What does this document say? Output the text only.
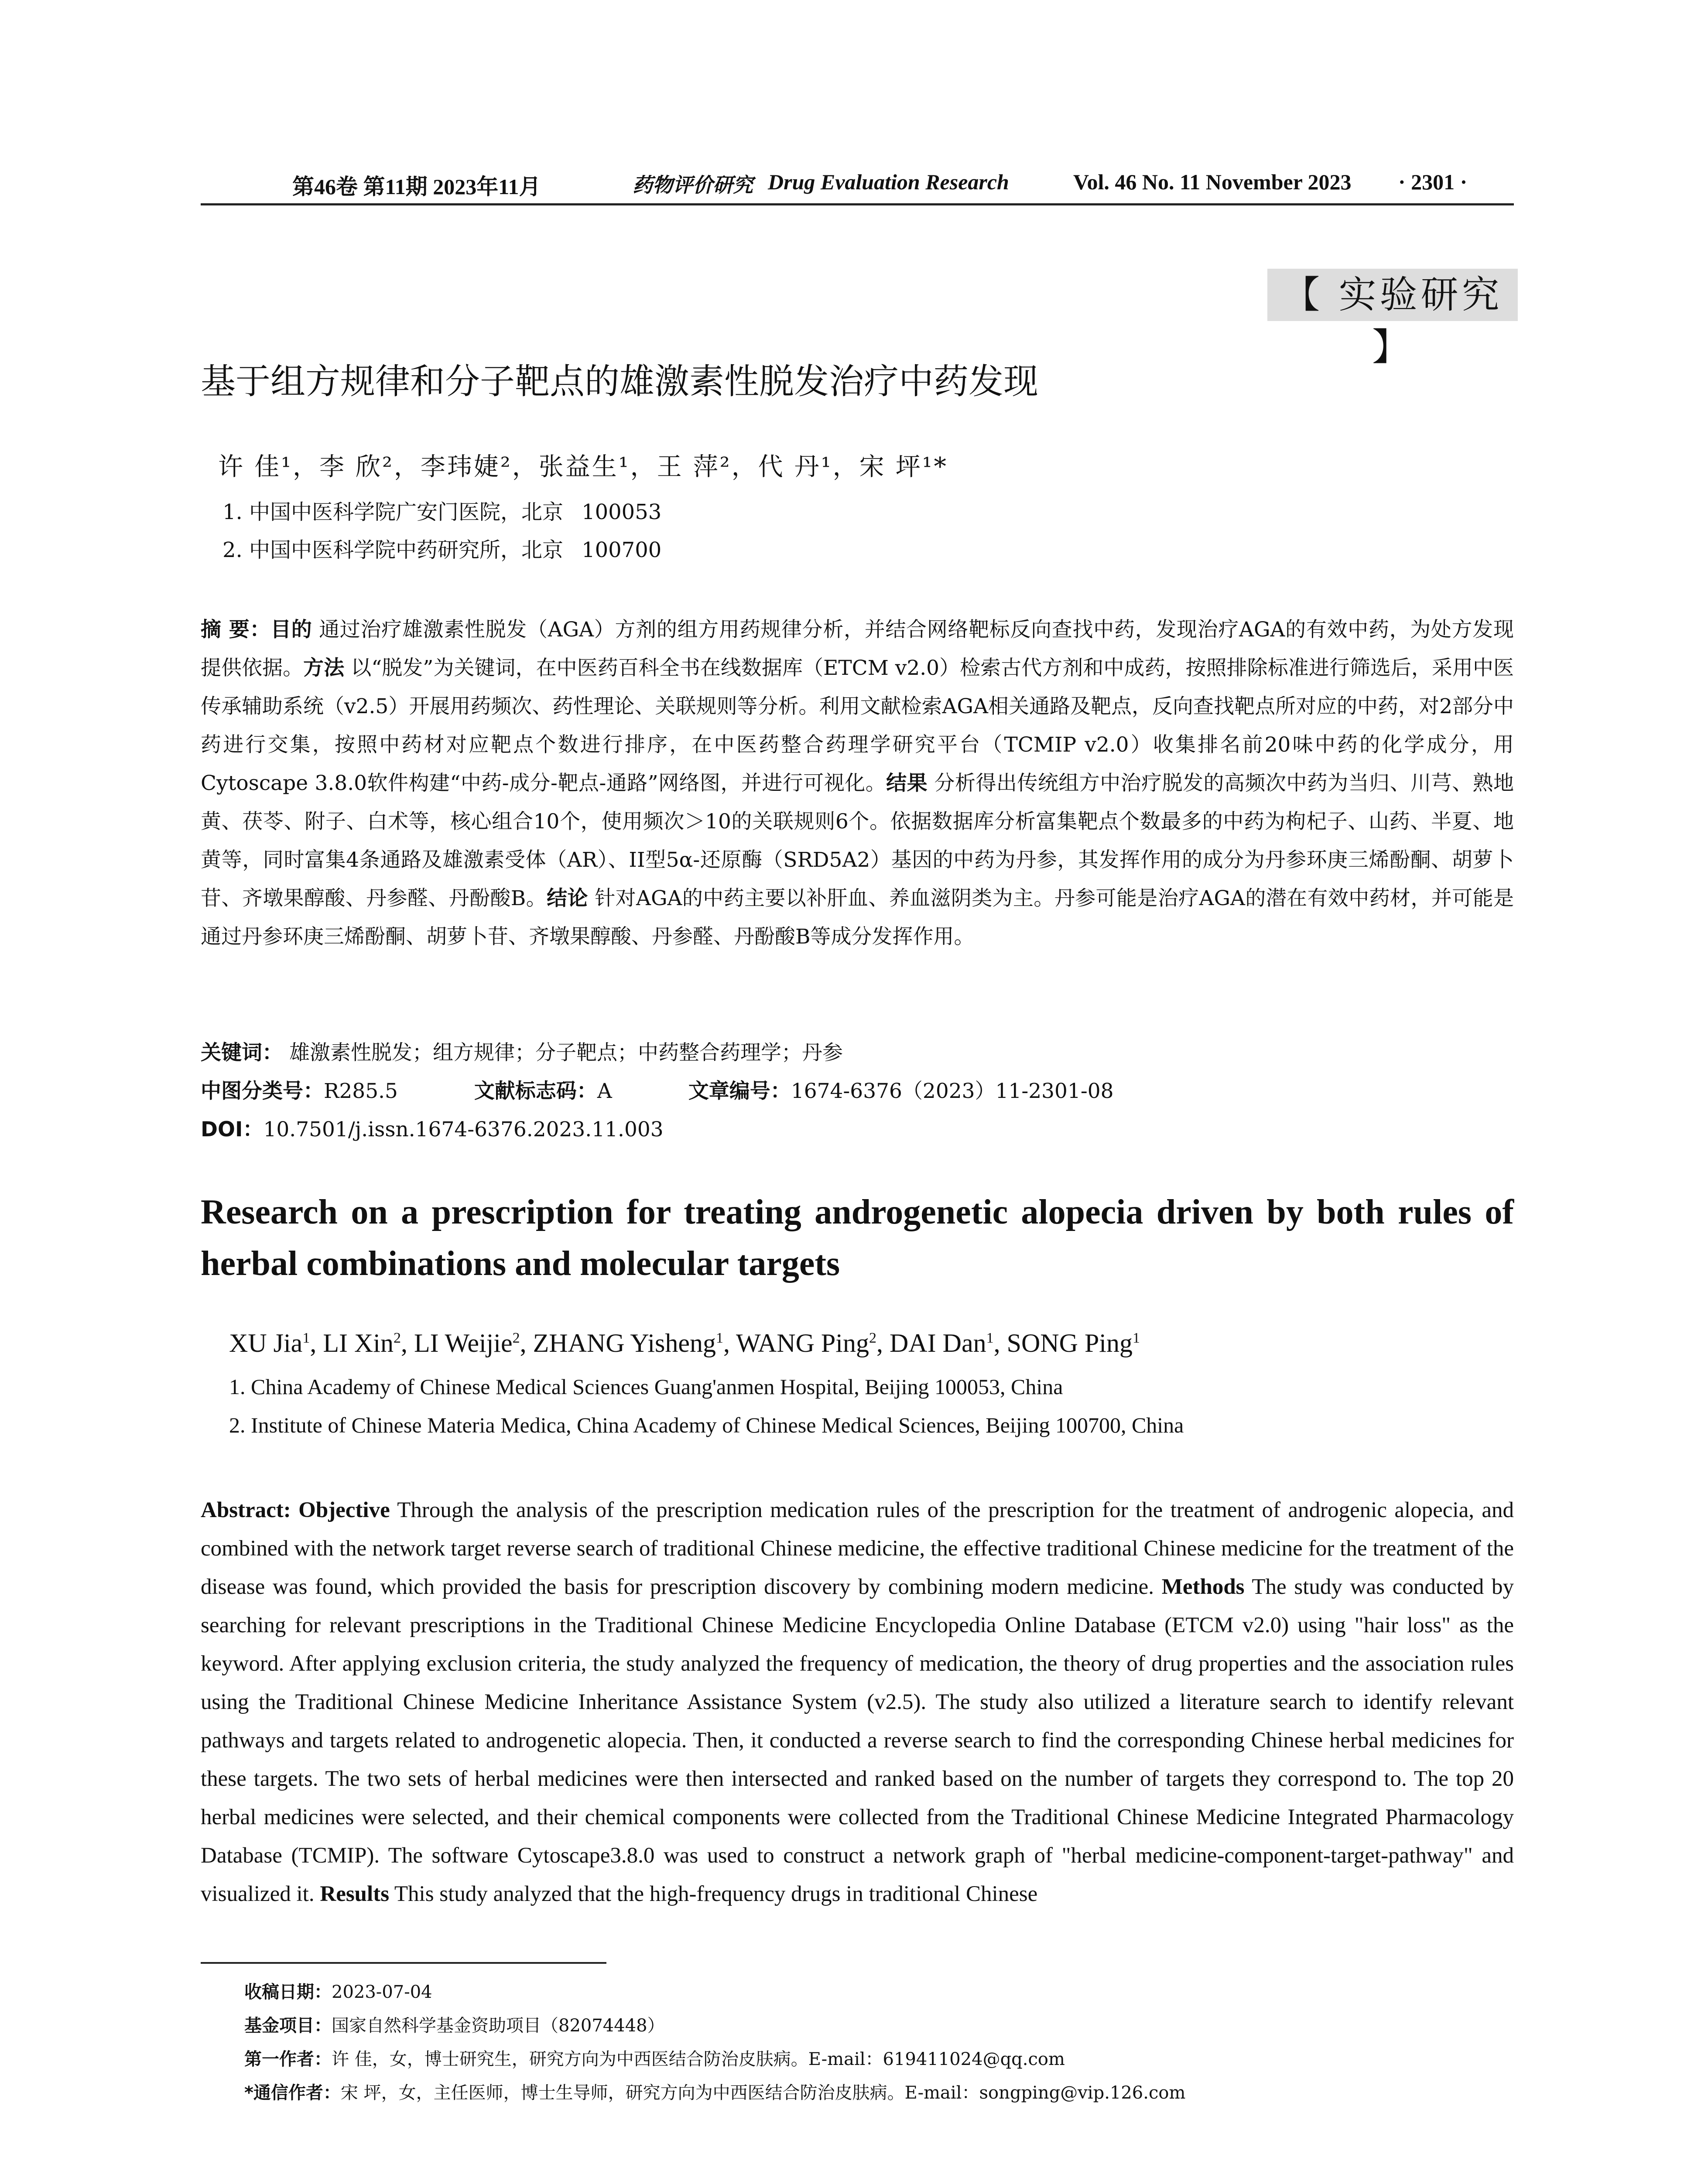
第46卷 第11期 2023年11月	药物评价研究 Drug Evaluation Research	Vol. 46 No. 11 November 2023 · 2301 ·
【 实验研究 】
基于组方规律和分子靶点的雄激素性脱发治疗中药发现
许 佳¹，李 欣²，李玮婕²，张益生¹，王 萍²，代 丹¹，宋 坪¹*
1. 中国中医科学院广安门医院，北京 100053
2. 中国中医科学院中药研究所，北京 100700
摘 要：目的 通过治疗雄激素性脱发（AGA）方剂的组方用药规律分析，并结合网络靶标反向查找中药，发现治疗AGA的有效中药，为处方发现提供依据。方法 以“脱发”为关键词，在中医药百科全书在线数据库（ETCM v2.0）检索古代方剂和中成药，按照排除标准进行筛选后，采用中医传承辅助系统（v2.5）开展用药频次、药性理论、关联规则等分析。利用文献检索AGA相关通路及靶点，反向查找靶点所对应的中药，对2部分中药进行交集，按照中药材对应靶点个数进行排序，在中医药整合药理学研究平台（TCMIP v2.0）收集排名前20味中药的化学成分，用Cytoscape 3.8.0软件构建“中药-成分-靶点-通路”网络图，并进行可视化。结果 分析得出传统组方中治疗脱发的高频次中药为当归、川芎、熟地黄、茯苓、附子、白术等，核心组合10个，使用频次＞10的关联规则6个。依据数据库分析富集靶点个数最多的中药为枸杞子、山药、半夏、地黄等，同时富集4条通路及雄激素受体（AR）、II型5α-还原酶（SRD5A2）基因的中药为丹参，其发挥作用的成分为丹参环庚三烯酚酮、胡萝卜苷、齐墩果醇酸、丹参醛、丹酚酸B。结论 针对AGA的中药主要以补肝血、养血滋阴类为主。丹参可能是治疗AGA的潜在有效中药材，并可能是通过丹参环庚三烯酚酮、胡萝卜苷、齐墩果醇酸、丹参醛、丹酚酸B等成分发挥作用。
关键词： 雄激素性脱发；组方规律；分子靶点；中药整合药理学；丹参
中图分类号：R285.5	文献标志码：A	文章编号：1674-6376（2023）11-2301-08
DOI：10.7501/j.issn.1674-6376.2023.11.003
Research on a prescription for treating androgenetic alopecia driven by both rules of herbal combinations and molecular targets
XU Jia$^1$, LI Xin$^2$, LI Weijie$^2$, ZHANG Yisheng$^1$, WANG Ping$^2$, DAI Dan$^1$, SONG Ping$^1$
1. China Academy of Chinese Medical Sciences Guang'anmen Hospital, Beijing 100053, China
2. Institute of Chinese Materia Medica, China Academy of Chinese Medical Sciences, Beijing 100700, China
Abstract: Objective Through the analysis of the prescription medication rules of the prescription for the treatment of androgenic alopecia, and combined with the network target reverse search of traditional Chinese medicine, the effective traditional Chinese medicine for the treatment of the disease was found, which provided the basis for prescription discovery by combining modern medicine. Methods The study was conducted by searching for relevant prescriptions in the Traditional Chinese Medicine Encyclopedia Online Database (ETCM v2.0) using "hair loss" as the keyword. After applying exclusion criteria, the study analyzed the frequency of medication, the theory of drug properties and the association rules using the Traditional Chinese Medicine Inheritance Assistance System (v2.5). The study also utilized a literature search to identify relevant pathways and targets related to androgenetic alopecia. Then, it conducted a reverse search to find the corresponding Chinese herbal medicines for these targets. The two sets of herbal medicines were then intersected and ranked based on the number of targets they correspond to. The top 20 herbal medicines were selected, and their chemical components were collected from the Traditional Chinese Medicine Integrated Pharmacology Database (TCMIP). The software Cytoscape3.8.0 was used to construct a network graph of "herbal medicine-component-target-pathway" and visualized it. Results This study analyzed that the high-frequency drugs in traditional Chinese
收稿日期：2023-07-04
基金项目：国家自然科学基金资助项目（82074448）
第一作者：许 佳，女，博士研究生，研究方向为中西医结合防治皮肤病。E-mail：619411024@qq.com
*通信作者：宋 坪，女，主任医师，博士生导师，研究方向为中西医结合防治皮肤病。E-mail：songping@vip.126.com
